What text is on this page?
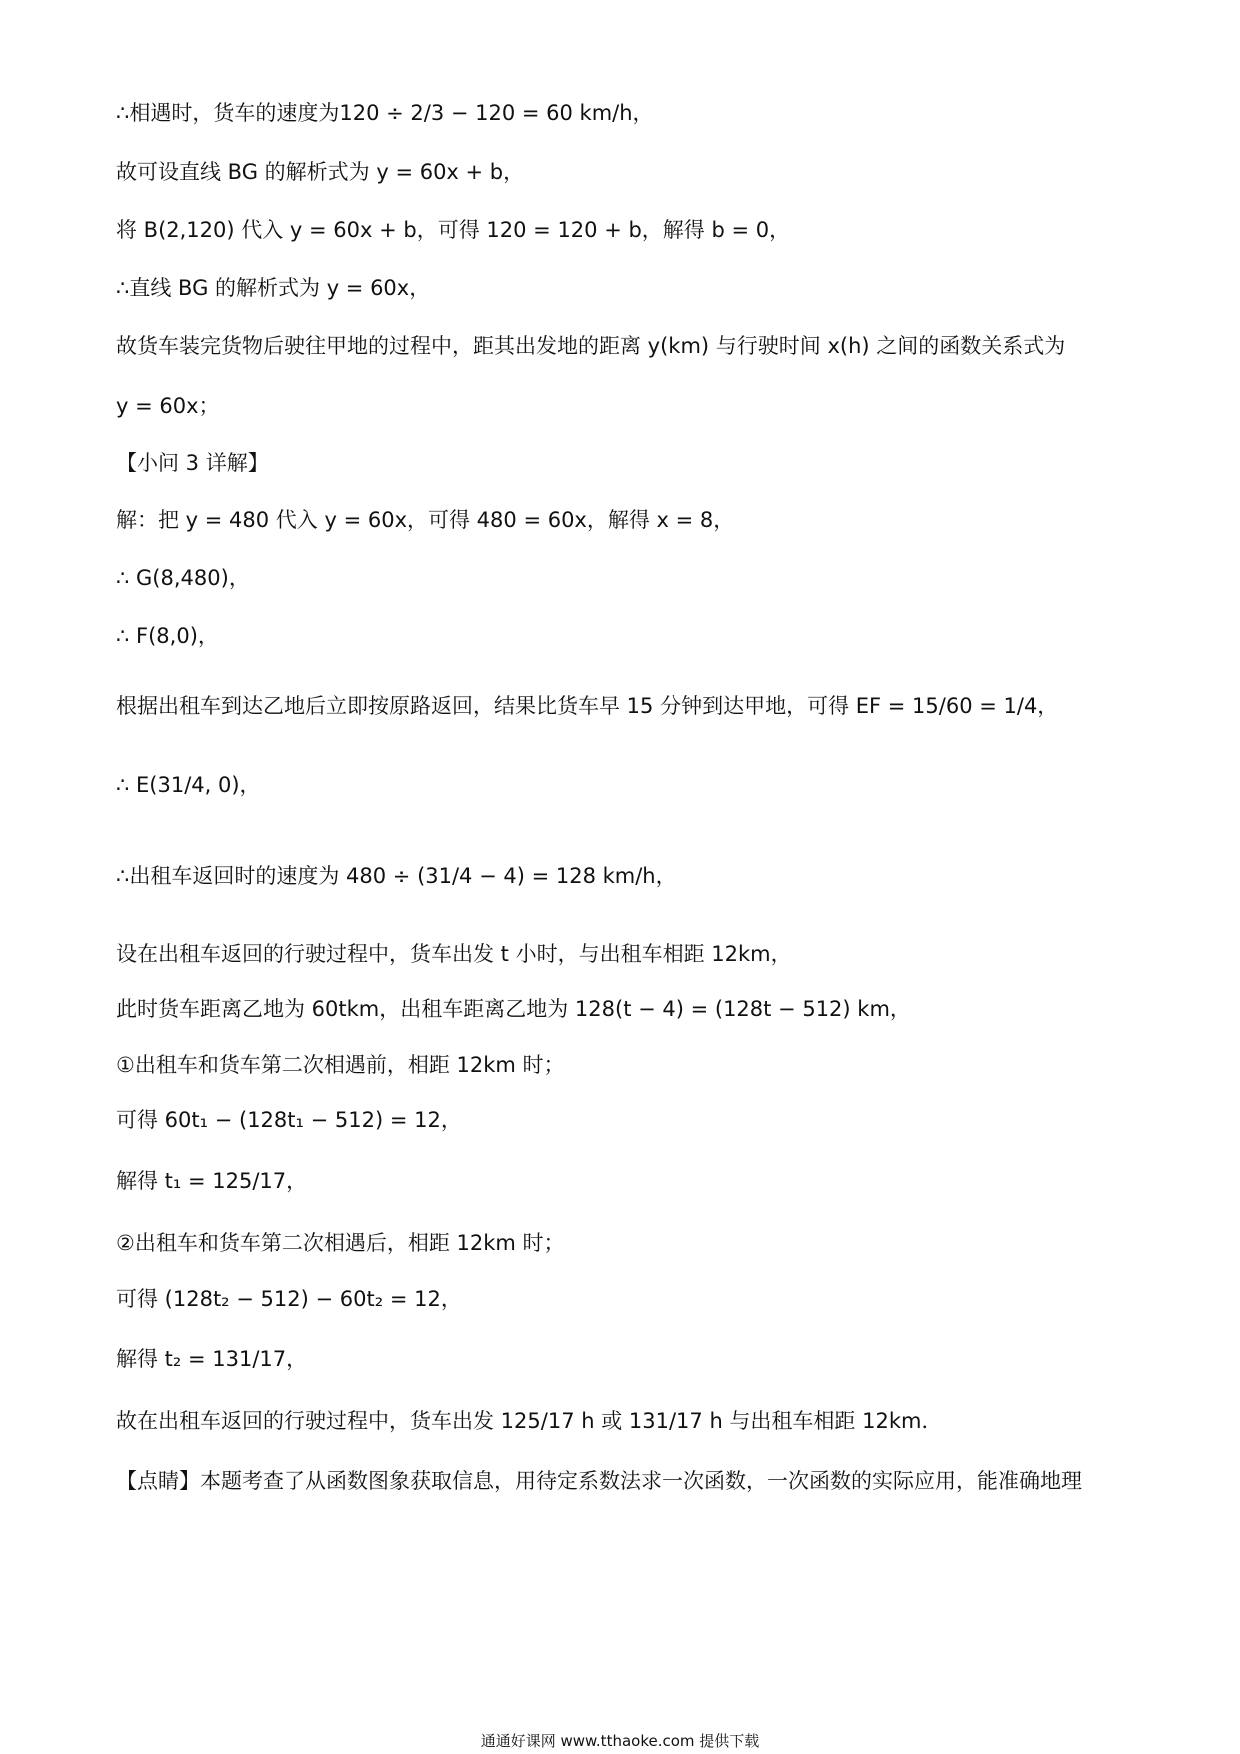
∴相遇时，货车的速度为120 ÷ 2/3 − 120 = 60 km/h，
故可设直线 BG 的解析式为 y = 60x + b，
将 B(2,120) 代入 y = 60x + b，可得 120 = 120 + b，解得 b = 0，
∴直线 BG 的解析式为 y = 60x，
故货车装完货物后驶往甲地的过程中，距其出发地的距离 y(km) 与行驶时间 x(h) 之间的函数关系式为
y = 60x；
【小问 3 详解】
解：把 y = 480 代入 y = 60x，可得 480 = 60x，解得 x = 8，
∴ G(8,480)，
∴ F(8,0)，
根据出租车到达乙地后立即按原路返回，结果比货车早 15 分钟到达甲地，可得 EF = 15/60 = 1/4，
∴ E(31/4, 0)，
∴出租车返回时的速度为 480 ÷ (31/4 − 4) = 128 km/h，
设在出租车返回的行驶过程中，货车出发 t 小时，与出租车相距 12km，
此时货车距离乙地为 60tkm，出租车距离乙地为 128(t − 4) = (128t − 512) km，
①出租车和货车第二次相遇前，相距 12km 时；
可得 60t₁ − (128t₁ − 512) = 12，
解得 t₁ = 125/17，
②出租车和货车第二次相遇后，相距 12km 时；
可得 (128t₂ − 512) − 60t₂ = 12，
解得 t₂ = 131/17，
故在出租车返回的行驶过程中，货车出发 125/17 h 或 131/17 h 与出租车相距 12km．
【点睛】本题考查了从函数图象获取信息，用待定系数法求一次函数，一次函数的实际应用，能准确地理
通通好课网 www.tthaoke.com 提供下载
